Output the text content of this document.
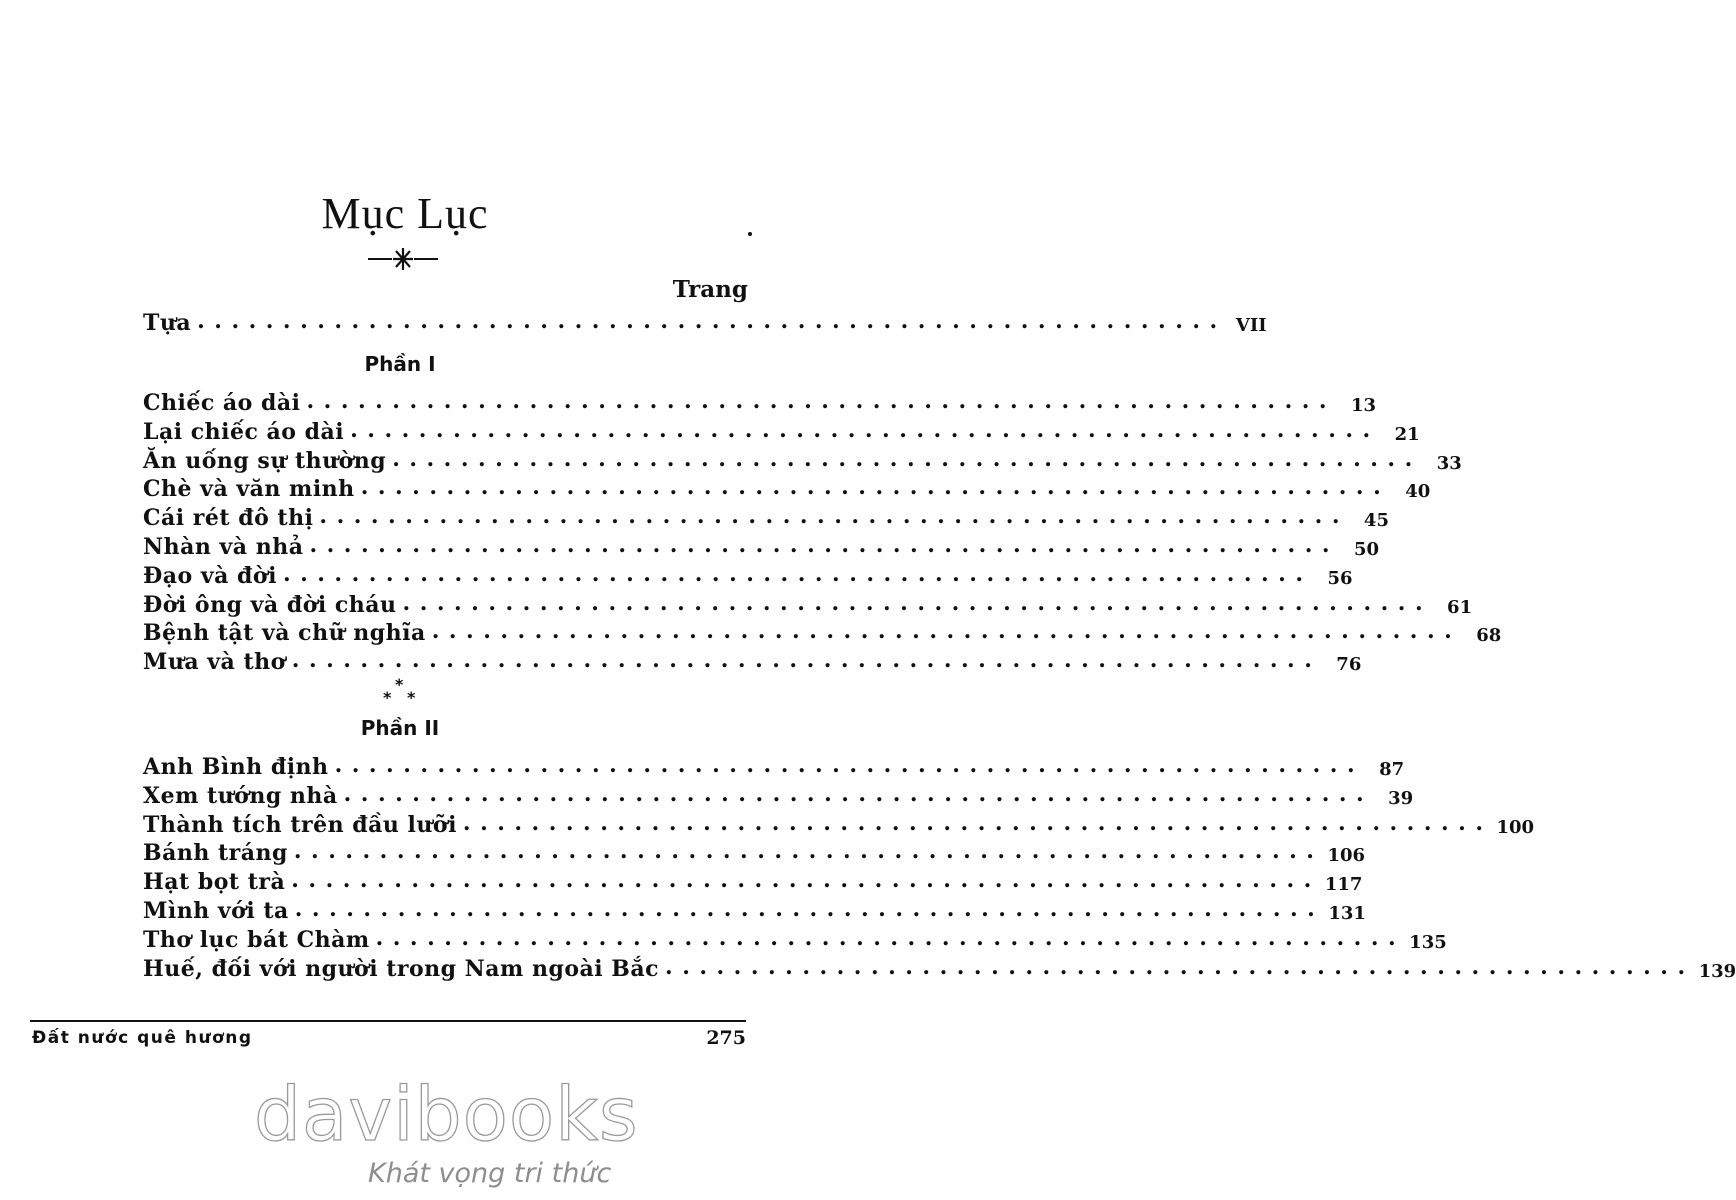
Mục Lục
Trang
Tựa ............................................................ VII
Phần I
Chiếc áo dài ............................................................ 13
Lại chiếc áo dài ............................................................ 21
Ăn uống sự thường ............................................................ 33
Chè và văn minh ............................................................ 40
Cái rét đô thị ............................................................ 45
Nhàn và nhả ............................................................ 50
Đạo và đời ............................................................ 56
Đời ông và đời cháu ............................................................ 61
Bệnh tật và chữ nghĩa ............................................................ 68
Mưa và thơ ............................................................ 76
*
* *
Phần II
Anh Bình định ............................................................ 87
Xem tướng nhà ............................................................ 39
Thành tích trên đầu lưỡi ............................................................ 100
Bánh tráng ............................................................ 106
Hạt bọt trà ............................................................ 117
Mình với ta ............................................................ 131
Thơ lục bát Chàm ............................................................ 135
Huế, đối với người trong Nam ngoài Bắc ............................................................ 139
Đất nước quê hương	275
davibooks
Khát vọng tri thức
